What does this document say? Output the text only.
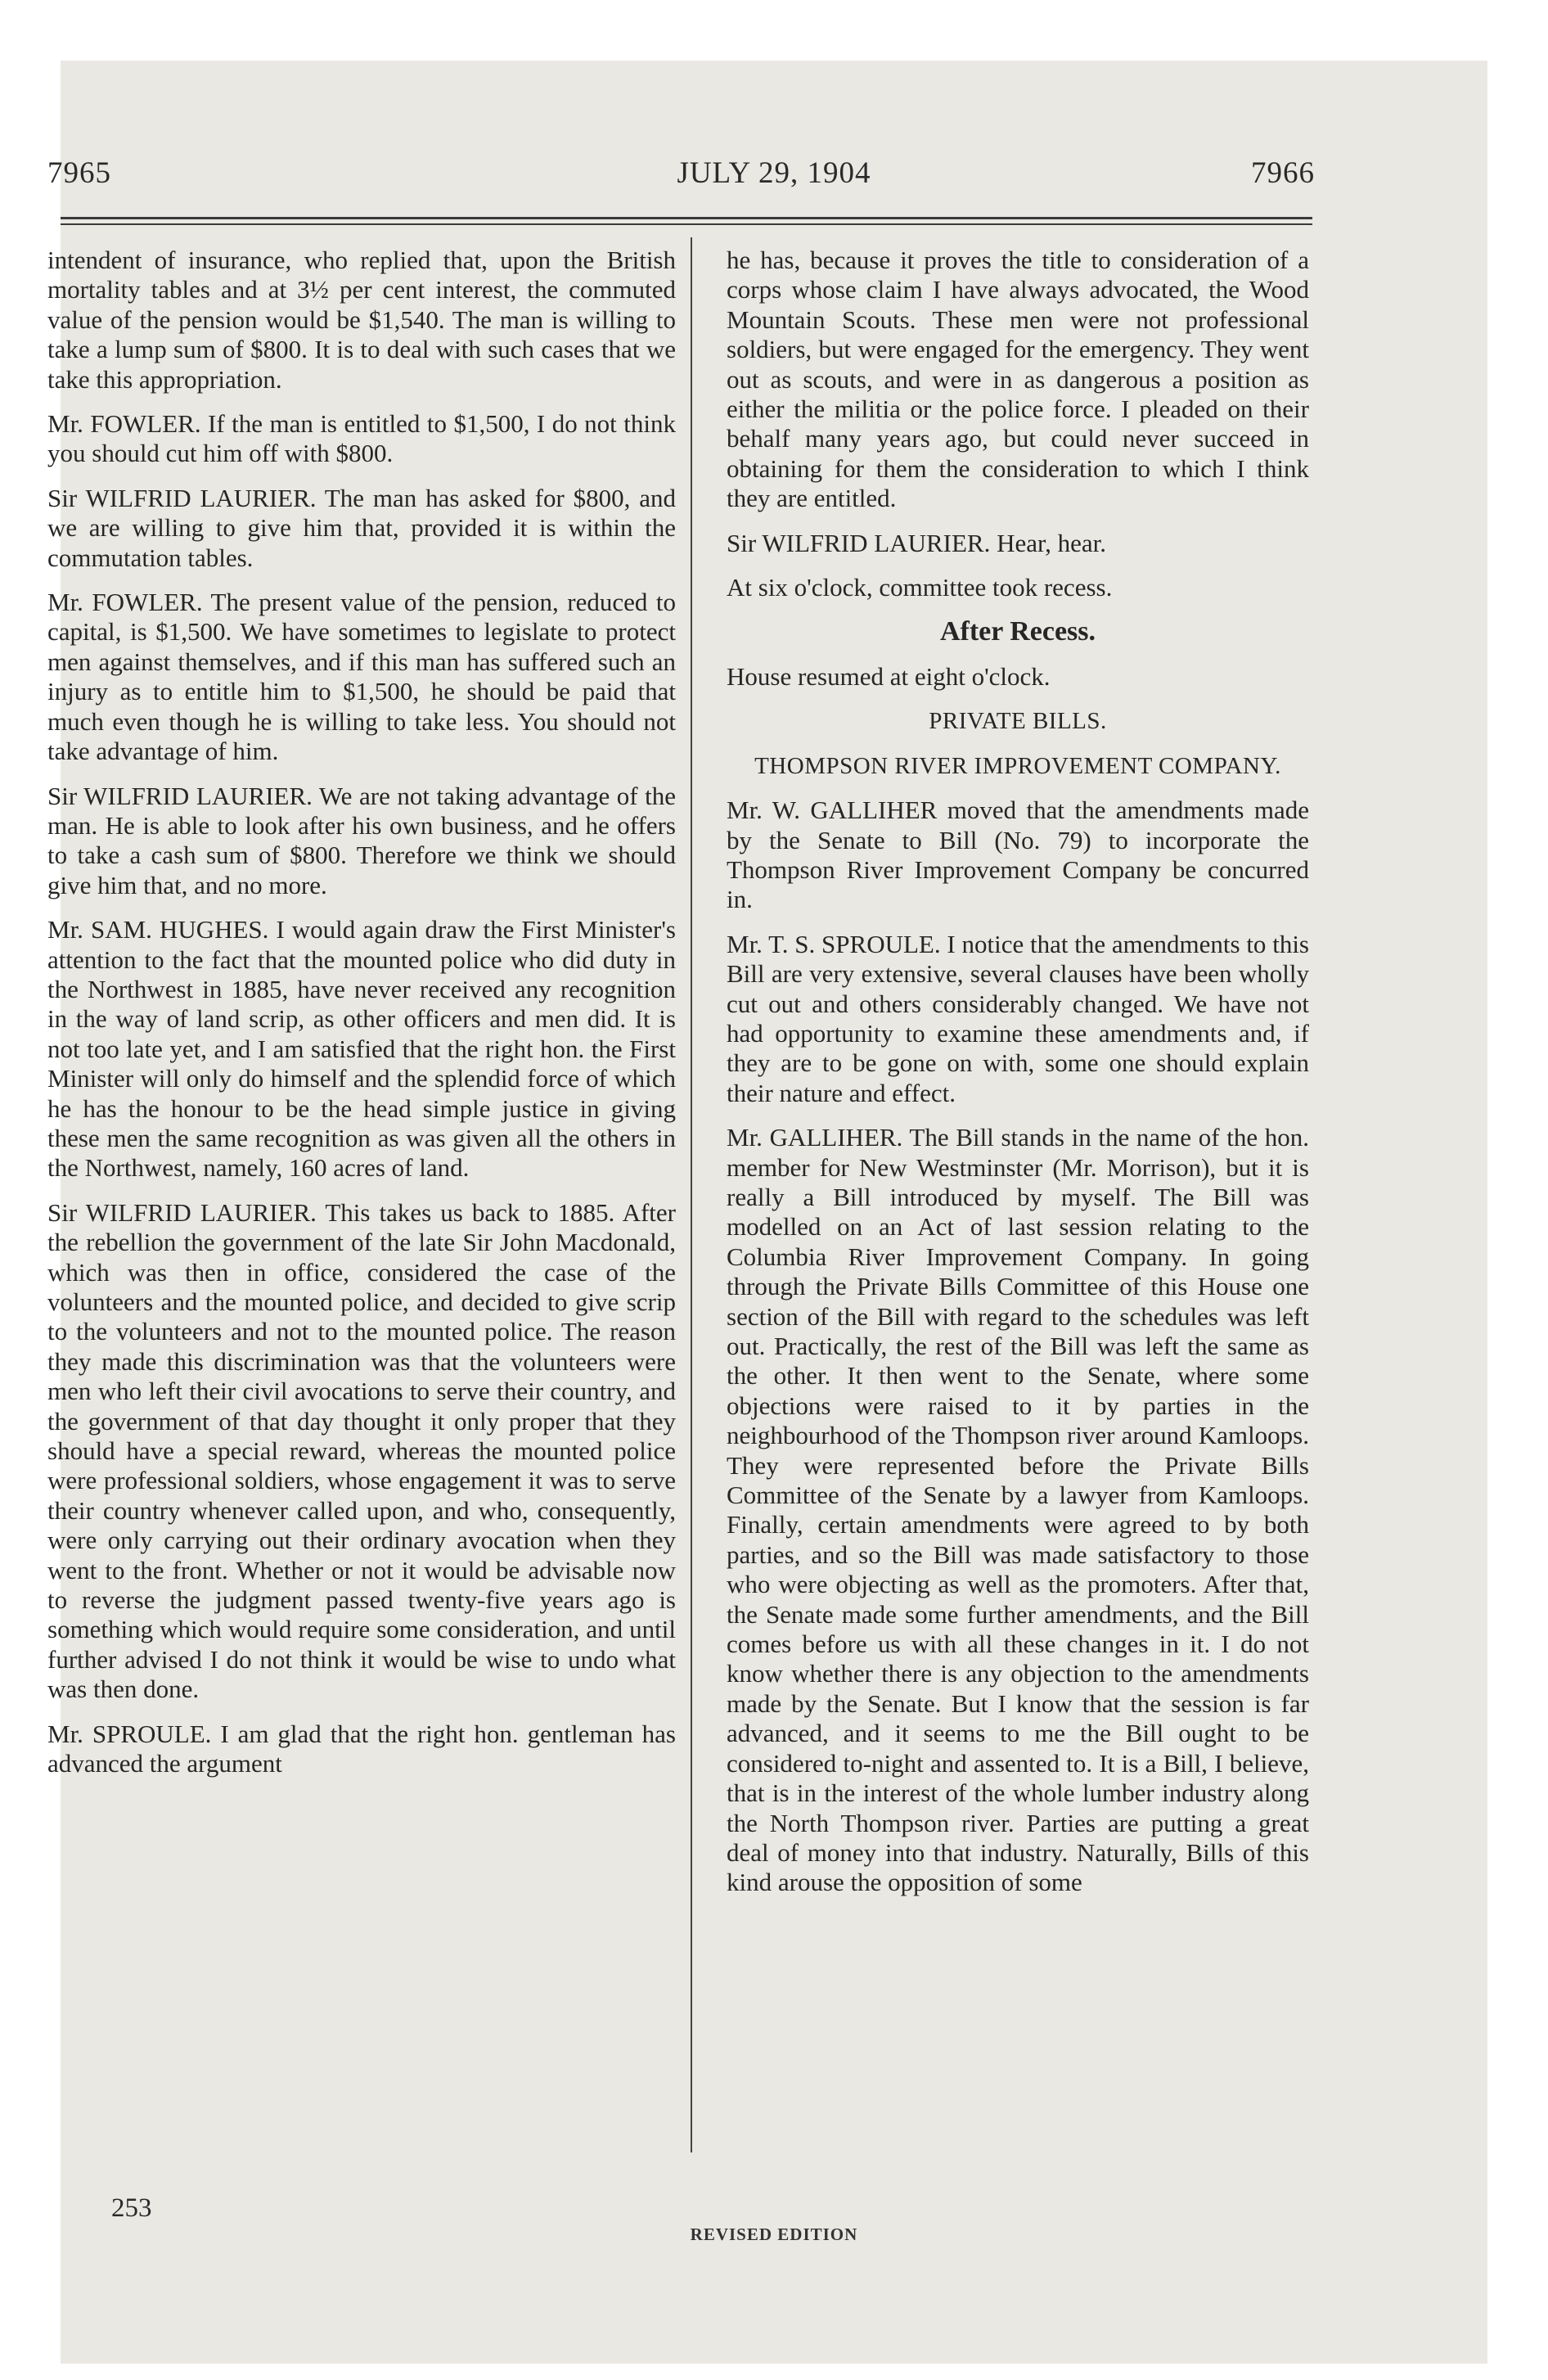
7965	JULY 29, 1904	7966

intendent of insurance, who replied that, upon the British mortality tables and at 3½ per cent interest, the commuted value of the pension would be $1,540. The man is willing to take a lump sum of $800. It is to deal with such cases that we take this appropriation.

Mr. FOWLER. If the man is entitled to $1,500, I do not think you should cut him off with $800.

Sir WILFRID LAURIER. The man has asked for $800, and we are willing to give him that, provided it is within the commutation tables.

Mr. FOWLER. The present value of the pension, reduced to capital, is $1,500. We have sometimes to legislate to protect men against themselves, and if this man has suffered such an injury as to entitle him to $1,500, he should be paid that much even though he is willing to take less. You should not take advantage of him.

Sir WILFRID LAURIER. We are not taking advantage of the man. He is able to look after his own business, and he offers to take a cash sum of $800. Therefore we think we should give him that, and no more.

Mr. SAM. HUGHES. I would again draw the First Minister's attention to the fact that the mounted police who did duty in the Northwest in 1885, have never received any recognition in the way of land scrip, as other officers and men did. It is not too late yet, and I am satisfied that the right hon. the First Minister will only do himself and the splendid force of which he has the honour to be the head simple justice in giving these men the same recognition as was given all the others in the Northwest, namely, 160 acres of land.

Sir WILFRID LAURIER. This takes us back to 1885. After the rebellion the government of the late Sir John Macdonald, which was then in office, considered the case of the volunteers and the mounted police, and decided to give scrip to the volunteers and not to the mounted police. The reason they made this discrimination was that the volunteers were men who left their civil avocations to serve their country, and the government of that day thought it only proper that they should have a special reward, whereas the mounted police were professional soldiers, whose engagement it was to serve their country whenever called upon, and who, consequently, were only carrying out their ordinary avocation when they went to the front. Whether or not it would be advisable now to reverse the judgment passed twenty-five years ago is something which would require some consideration, and until further advised I do not think it would be wise to undo what was then done.

Mr. SPROULE. I am glad that the right hon. gentleman has advanced the argument

he has, because it proves the title to consideration of a corps whose claim I have always advocated, the Wood Mountain Scouts. These men were not professional soldiers, but were engaged for the emergency. They went out as scouts, and were in as dangerous a position as either the militia or the police force. I pleaded on their behalf many years ago, but could never succeed in obtaining for them the consideration to which I think they are entitled.

Sir WILFRID LAURIER. Hear, hear.

At six o'clock, committee took recess.

After Recess.

House resumed at eight o'clock.

PRIVATE BILLS.
THOMPSON RIVER IMPROVEMENT COMPANY.

Mr. W. GALLIHER moved that the amendments made by the Senate to Bill (No. 79) to incorporate the Thompson River Improvement Company be concurred in.

Mr. T. S. SPROULE. I notice that the amendments to this Bill are very extensive, several clauses have been wholly cut out and others considerably changed. We have not had opportunity to examine these amendments and, if they are to be gone on with, some one should explain their nature and effect.

Mr. GALLIHER. The Bill stands in the name of the hon. member for New Westminster (Mr. Morrison), but it is really a Bill introduced by myself. The Bill was modelled on an Act of last session relating to the Columbia River Improvement Company. In going through the Private Bills Committee of this House one section of the Bill with regard to the schedules was left out. Practically, the rest of the Bill was left the same as the other. It then went to the Senate, where some objections were raised to it by parties in the neighbourhood of the Thompson river around Kamloops. They were represented before the Private Bills Committee of the Senate by a lawyer from Kamloops. Finally, certain amendments were agreed to by both parties, and so the Bill was made satisfactory to those who were objecting as well as the promoters. After that, the Senate made some further amendments, and the Bill comes before us with all these changes in it. I do not know whether there is any objection to the amendments made by the Senate. But I know that the session is far advanced, and it seems to me the Bill ought to be considered to-night and assented to. It is a Bill, I believe, that is in the interest of the whole lumber industry along the North Thompson river. Parties are putting a great deal of money into that industry. Naturally, Bills of this kind arouse the opposition of some

253
REVISED EDITION
